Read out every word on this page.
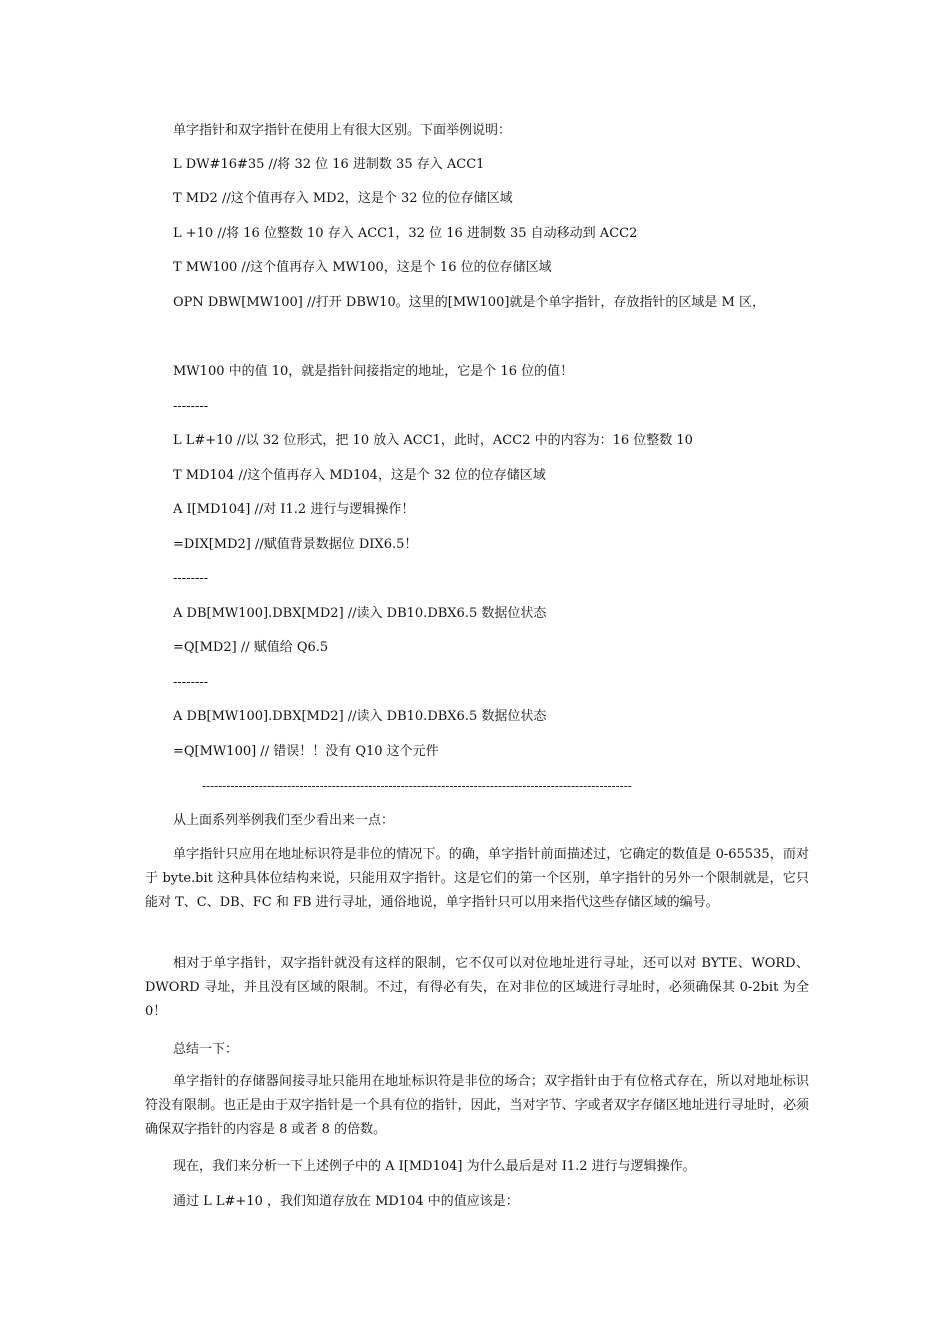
单字指针和双字指针在使用上有很大区别。下面举例说明：
L DW#16#35 //将 32 位 16 进制数 35 存入 ACC1
T MD2 //这个值再存入 MD2，这是个 32 位的位存储区域
L +10 //将 16 位整数 10 存入 ACC1，32 位 16 进制数 35 自动移动到 ACC2
T MW100 //这个值再存入 MW100，这是个 16 位的位存储区域
OPN DBW[MW100] //打开 DBW10。这里的[MW100]就是个单字指针，存放指针的区域是 M 区，
MW100 中的值 10，就是指针间接指定的地址，它是个 16 位的值！
--------
L L#+10 //以 32 位形式，把 10 放入 ACC1，此时，ACC2 中的内容为：16 位整数 10
T MD104 //这个值再存入 MD104，这是个 32 位的位存储区域
A I[MD104] //对 I1.2 进行与逻辑操作！
=DIX[MD2] //赋值背景数据位 DIX6.5！
--------
A DB[MW100].DBX[MD2] //读入 DB10.DBX6.5 数据位状态
=Q[MD2] // 赋值给 Q6.5
--------
A DB[MW100].DBX[MD2] //读入 DB10.DBX6.5 数据位状态
=Q[MW100] // 错误！！没有 Q10 这个元件
----------------------------------------------------------------------------------------------------------
从上面系列举例我们至少看出来一点：
单字指针只应用在地址标识符是非位的情况下。的确，单字指针前面描述过，它确定的数值是 0-65535，而对于 byte.bit 这种具体位结构来说，只能用双字指针。这是它们的第一个区别，单字指针的另外一个限制就是，它只能对 T、C、DB、FC 和 FB 进行寻址，通俗地说，单字指针只可以用来指代这些存储区域的编号。
相对于单字指针，双字指针就没有这样的限制，它不仅可以对位地址进行寻址，还可以对 BYTE、WORD、DWORD 寻址，并且没有区域的限制。不过，有得必有失，在对非位的区域进行寻址时，必须确保其 0-2bit 为全 0！
总结一下：
单字指针的存储器间接寻址只能用在地址标识符是非位的场合；双字指针由于有位格式存在，所以对地址标识符没有限制。也正是由于双字指针是一个具有位的指针，因此，当对字节、字或者双字存储区地址进行寻址时，必须确保双字指针的内容是 8 或者 8 的倍数。
现在，我们来分析一下上述例子中的 A I[MD104] 为什么最后是对 I1.2 进行与逻辑操作。
通过 L L#+10 ，我们知道存放在 MD104 中的值应该是：
